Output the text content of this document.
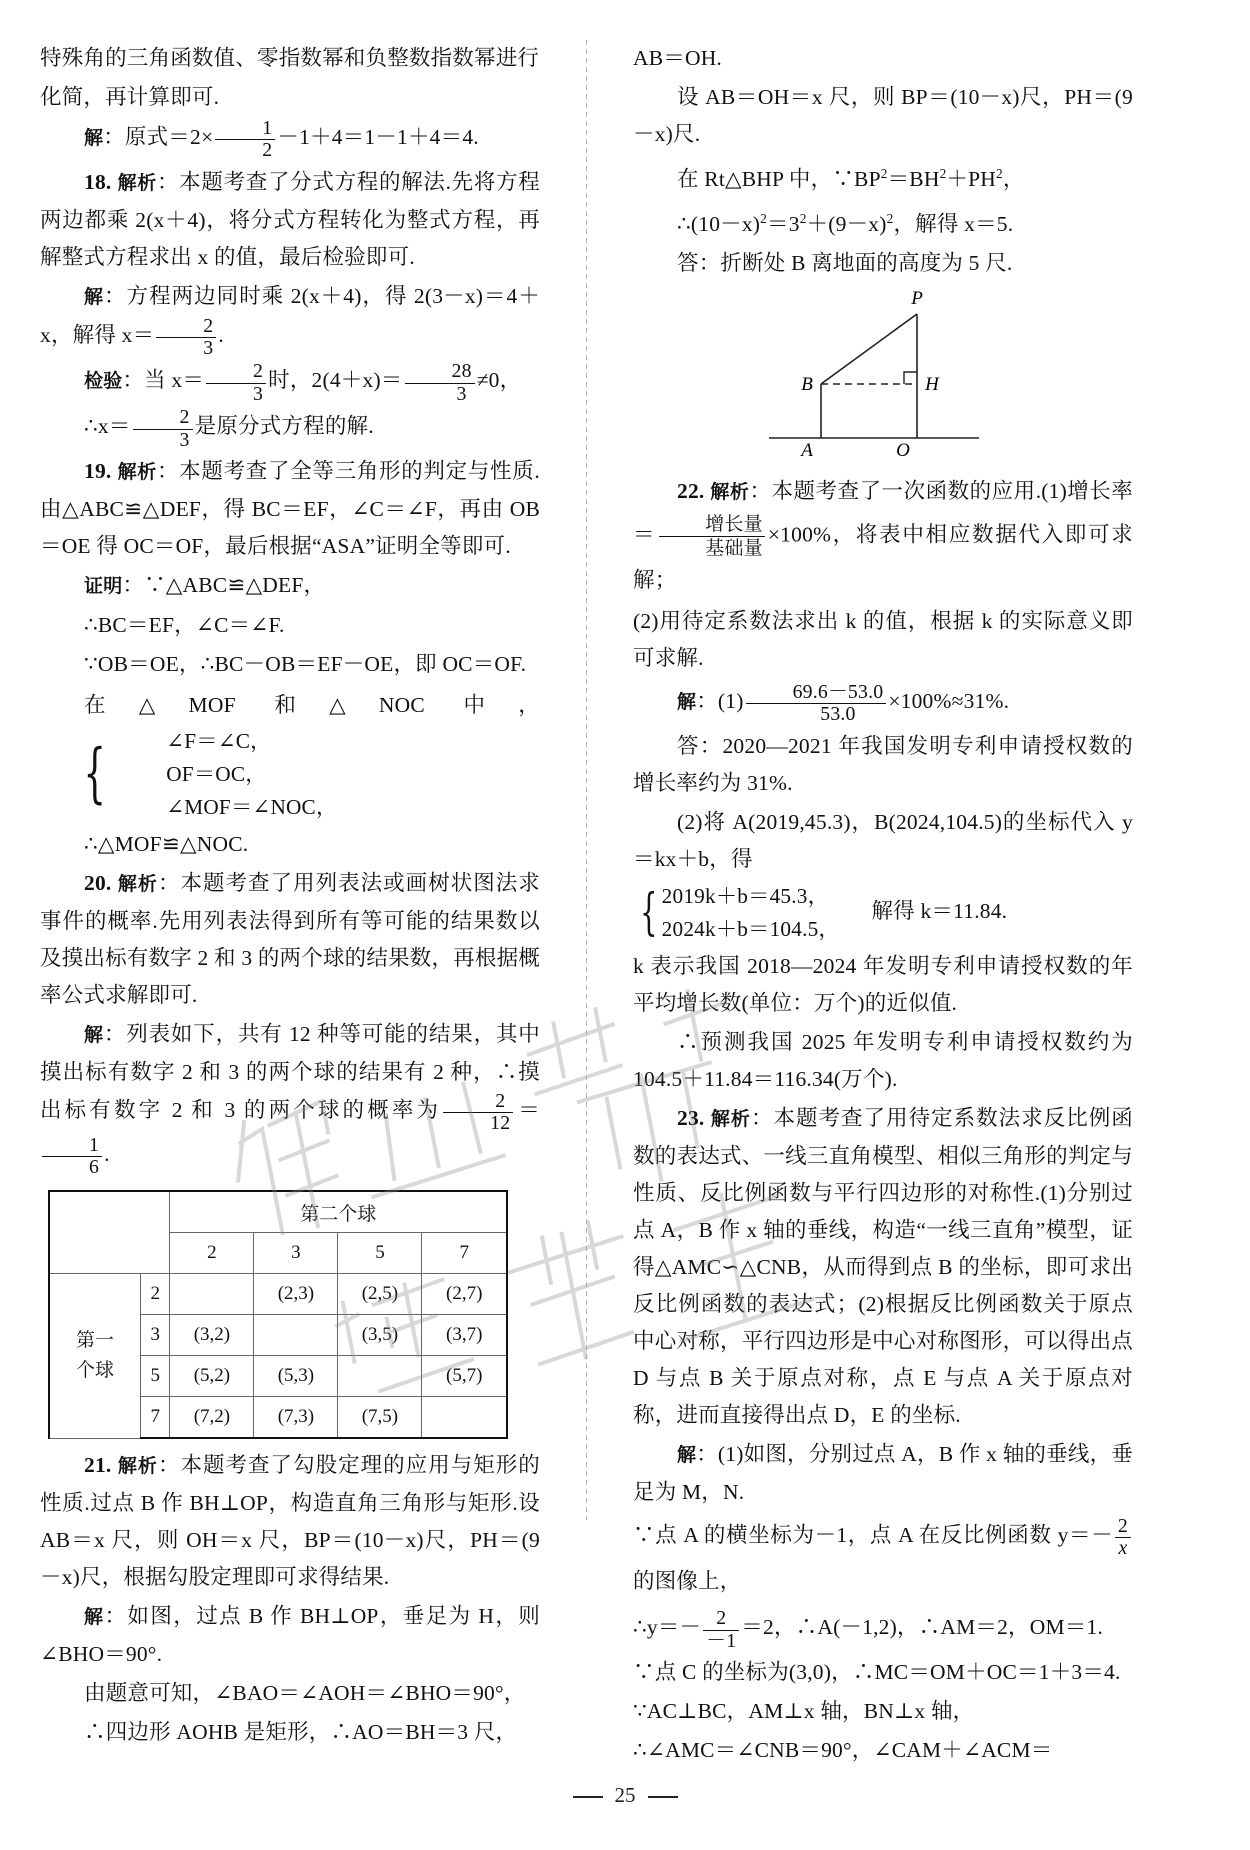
特殊角的三角函数值、零指数幂和负整数指数幂进行

化简，再计算即可.

解：原式$=2\times \frac{1}{2} -1+4=1-1+4=4$.

18. 解析：本题考查了分式方程的解法.先将方程两边都乘 2(x＋4)，将分式方程转化为整式方程，再解整式方程求出 x 的值，最后检验即可.

解：方程两边同时乘 2(x＋4)，得 2(3－x)＝4＋x，解得 $x= \frac{2}{3}$ .

检验：当 $x= \frac{2}{3}$ 时，$2(4+x)= \frac{28}{3} \ne 0$，

∴x＝ $\frac{2}{3}$ 是原分式方程的解.

19. 解析：本题考查了全等三角形的判定与性质.由△ABC≌△DEF，得 BC＝EF，∠C＝∠F，再由 OB＝OE 得 OC＝OF，最后根据“ASA”证明全等即可.

证明：∵△ABC≌△DEF，

∴BC＝EF，∠C＝∠F.

∵OB＝OE，∴BC－OB＝EF－OE，即 OC＝OF.

在△MOF 和△NOC 中，
{	∠F＝∠C，
OF＝OC，
∠MOF＝∠NOC，

∴△MOF≌△NOC.

20. 解析：本题考查了用列表法或画树状图法求事件的概率.先用列表法得到所有等可能的结果数以及摸出标有数字 2 和 3 的两个球的结果数，再根据概率公式求解即可.

解：列表如下，共有 12 种等可能的结果，其中摸出标有数字 2 和 3 的两个球的结果有 2 种，∴摸出标有数字 2 和 3 的两个球的概率为 $\frac{2}{12}$ ＝
$\frac{1}{6}$ .

		第二个球			
		2	3	5	7
第一
个球	2		(2,3)	(2,5)	(2,7)
	3	(3,2)		(3,5)	(3,7)
	5	(5,2)	(5,3)		(5,7)
	7	(7,2)	(7,3)	(7,5)	

21. 解析：本题考查了勾股定理的应用与矩形的性质.过点 B 作 BH⊥OP，构造直角三角形与矩形.设 AB＝x 尺，则 OH＝x 尺，BP＝(10－x)尺，PH＝(9－x)尺，根据勾股定理即可求得结果.

解：如图，过点 B 作 BH⊥OP，垂足为 H，则 ∠BHO＝90°.

由题意可知，∠BAO＝∠AOH＝∠BHO＝90°，

∴四边形 AOHB 是矩形，∴AO＝BH＝3 尺，

AB＝OH.

设 AB＝OH＝x 尺，则 BP＝(10－x)尺，PH＝(9－x)尺.

在 Rt△BHP 中，$\because BP^2=BH^2+PH^2$，

$\therefore(10-x)^2=3^2+(9-x)^2$，解得 x＝5.

答：折断处 B 离地面的高度为 5 尺.

P
B	H
A	O

22. 解析：本题考查了一次函数的应用.(1)增长率＝	增长量
基础量
×100%，将表中相应数据代入即可求解；

(2)用待定系数法求出 k 的值，根据 k 的实际意义即可求解.

解：$(1) \frac{69.6-53.0}{53.0} \times 100\%\approx 31\%$.

答：2020—2021 年我国发明专利申请授权数的增长率约为 31%.

(2)将 A(2019,45.3)，B(2024,104.5)的坐标代入 y＝kx＋b，得

{ 2019k＋b＝45.3，
2024k＋b＝104.5，
解得 k＝11.84.

k 表示我国 2018—2024 年发明专利申请授权数的年平均增长数(单位：万个)的近似值.

∴预测我国 2025 年发明专利申请授权数约为 104.5＋11.84＝116.34(万个).

23. 解析：本题考查了用待定系数法求反比例函数的表达式、一线三直角模型、相似三角形的判定与性质、反比例函数与平行四边形的对称性.(1)分别过点 A，B 作 x 轴的垂线，构造“一线三直角”模型，证得△AMC∽△CNB，从而得到点 B 的坐标，即可求出反比例函数的表达式；(2)根据反比例函数关于原点中心对称，平行四边形是中心对称图形，可以得出点 D 与点 B 关于原点对称，点 E 与点 A 关于原点对称，进而直接得出点 D，E 的坐标.

解：(1)如图，分别过点 A，B 作 x 轴的垂线，垂足为 M，N.

∵点 A 的横坐标为－1，点 A 在反比例函数 $y=- \frac{2}{x}$
的图像上，

∴y＝－ $\frac{2}{-1} =2$，∴A(－1,2)，∴AM＝2，OM＝1.

∵点 C 的坐标为(3,0)，∴MC＝OM＋OC＝1＋3＝4.

∵AC⊥BC，AM⊥x 轴，BN⊥x 轴，

∴∠AMC＝∠CNB＝90°，∠CAM＋∠ACM＝

25
